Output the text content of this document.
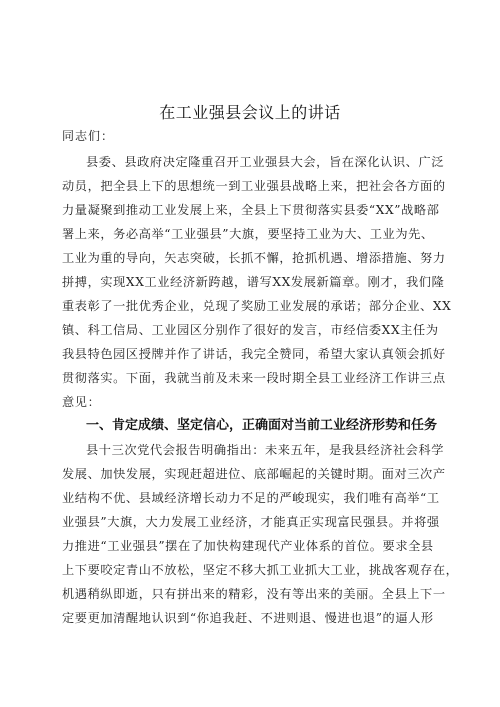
在工业强县会议上的讲话
同志们：
县委、县政府决定隆重召开工业强县大会，旨在深化认识、广泛
动员，把全县上下的思想统一到工业强县战略上来，把社会各方面的
力量凝聚到推动工业发展上来，全县上下贯彻落实县委“XX”战略部
署上来，务必高举“工业强县”大旗，要坚持工业为大、工业为先、
工业为重的导向，矢志突破，长抓不懈，抢抓机遇、增添措施、努力
拼搏，实现XX工业经济新跨越，谱写XX发展新篇章。刚才，我们隆
重表彰了一批优秀企业，兑现了奖励工业发展的承诺；部分企业、XX
镇、科工信局、工业园区分别作了很好的发言，市经信委XX主任为
我县特色园区授牌并作了讲话，我完全赞同，希望大家认真领会抓好
贯彻落实。下面，我就当前及未来一段时期全县工业经济工作讲三点
意见：
一、肯定成绩、坚定信心，正确面对当前工业经济形势和任务
县十三次党代会报告明确指出：未来五年，是我县经济社会科学
发展、加快发展，实现赶超进位、底部崛起的关键时期。面对三次产
业结构不优、县域经济增长动力不足的严峻现实，我们唯有高举“工
业强县”大旗，大力发展工业经济，才能真正实现富民强县。并将强
力推进“工业强县”摆在了加快构建现代产业体系的首位。要求全县
上下要咬定青山不放松，坚定不移大抓工业抓大工业，挑战客观存在，
机遇稍纵即逝，只有拼出来的精彩，没有等出来的美丽。全县上下一
定要更加清醒地认识到“你追我赶、不进则退、慢进也退”的逼人形
